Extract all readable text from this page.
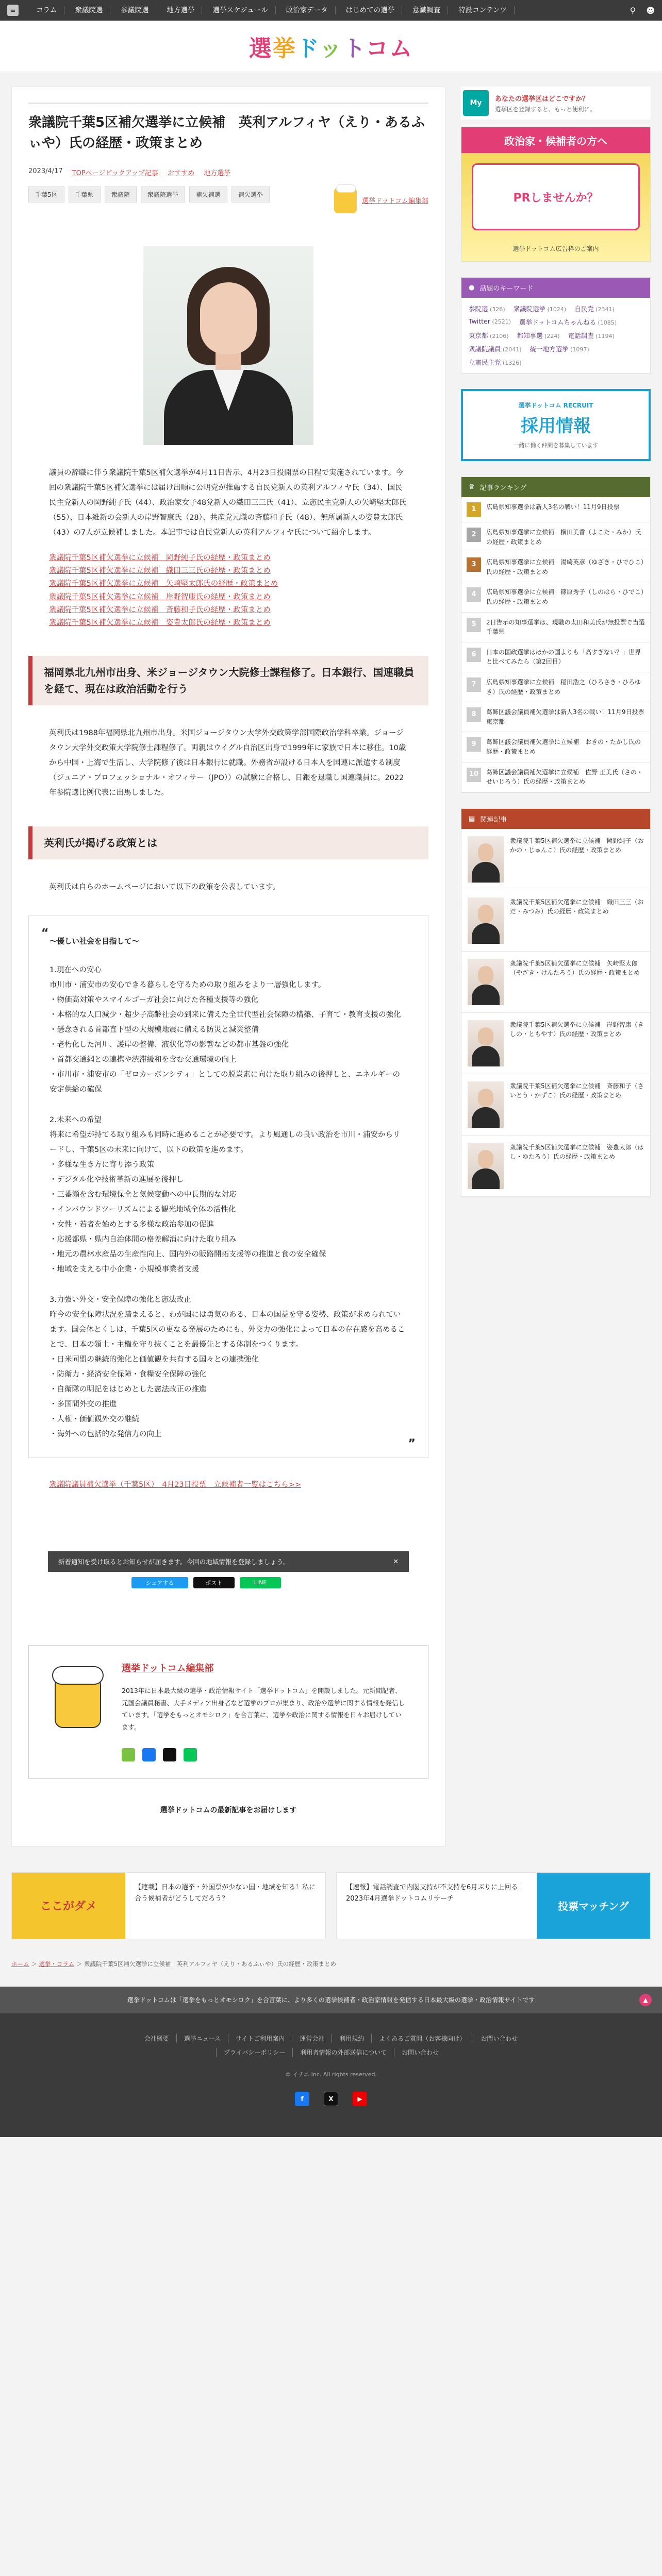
≡	コラム	衆議院選	参議院選	地方選挙	選挙スケジュール	政治家データ	はじめての選挙	意識調査	特設コンテンツ	⚲ ☻
選挙ドットコム
衆議院千葉5区補欠選挙に立候補　英利アルフィヤ（えり・あるふぃや）氏の経歴・政策まとめ
2023/4/17 TOPページピックアップ記事 おすすめ 地方選挙
千葉5区	千葉県	衆議院	衆議院選挙	補欠補選	補欠選挙
選挙ドットコム編集部

議員の辞職に伴う衆議院千葉5区補欠選挙が4月11日告示、4月23日投開票の日程で実施されています。今回の衆議院千葉5区補欠選挙には届け出順に公明党が推薦する自民党新人の英利アルフィヤ氏（34）、国民民主党新人の岡野純子氏（44）、政治家女子48党新人の織田三三氏（41）、立憲民主党新人の矢崎堅太郎氏（55）、日本維新の会新人の岸野智康氏（28）、共産党元職の斉藤和子氏（48）、無所属新人の姿豊太郎氏（43）の7人が立候補しました。本記事では自民党新人の英利アルフィヤ氏について紹介します。

衆議院千葉5区補欠選挙に立候補　岡野純子氏の経歴・政策まとめ
衆議院千葉5区補欠選挙に立候補　織田三三氏の経歴・政策まとめ
衆議院千葉5区補欠選挙に立候補　矢崎堅太郎氏の経歴・政策まとめ
衆議院千葉5区補欠選挙に立候補　岸野智康氏の経歴・政策まとめ
衆議院千葉5区補欠選挙に立候補　斉藤和子氏の経歴・政策まとめ
衆議院千葉5区補欠選挙に立候補　姿豊太郎氏の経歴・政策まとめ
福岡県北九州市出身、米ジョージタウン大院修士課程修了。日本銀行、国連職員を経て、現在は政治活動を行う

英利氏は1988年福岡県北九州市出身。米国ジョージタウン大学外交政策学部国際政治学科卒業。ジョージタウン大学外交政策大学院修士課程修了。両親はウイグル自治区出身で1999年に家族で日本に移住。10歳から中国・上海で生活し、大学院修了後は日本銀行に就職。外務省が設ける日本人を国連に派遣する制度（ジュニア・プロフェッショナル・オフィサー（JPO））の試験に合格し、日銀を退職し国連職員に。2022年参院選比例代表に出馬しました。

英利氏が掲げる政策とは

英利氏は自らのホームページにおいて以下の政策を公表しています。

“
～優しい社会を目指して～
1.現在への安心
市川市・浦安市の安心できる暮らしを守るための取り組みをより一層強化します。
・物価高対策やスマイルゴーガ社会に向けた各種支援等の強化
・本格的な人口減少・超少子高齢社会の到来に備えた全世代型社会保障の構築、子育て・教育支援の強化
・懸念される首都直下型の大規模地震に備える防災と減災整備
・老朽化した河川、護岸の整備、液状化等の影響などの都市基盤の強化
・首都交通網との連携や渋滞緩和を含む交通環境の向上
・市川市・浦安市の「ゼロカーボンシティ」としての脱炭素に向けた取り組みの後押しと、エネルギーの安定供給の確保
2.未来への希望
将来に希望が持てる取り組みも同時に進めることが必要です。より風通しの良い政治を市川・浦安からリードし、千葉5区の未来に向けて、以下の政策を進めます。
・多様な生き方に寄り添う政策
・デジタル化や技術革新の進展を後押し
・三番瀬を含む環境保全と気候変動への中長期的な対応
・インバウンドツーリズムによる観光地域全体の活性化
・女性・若者を始めとする多様な政治参加の促進
・応援都県・県内自治体間の格差解消に向けた取り組み
・地元の農林水産品の生産性向上、国内外の販路開拓支援等の推進と食の安全確保
・地域を支える中小企業・小規模事業者支援
3.力強い外交・安全保障の強化と憲法改正
昨今の安全保障状況を踏まえると、わが国には勇気のある、日本の国益を守る姿勢、政策が求められています。国会休とくしは、千葉5区の更なる発展のためにも、外交力の強化によって日本の存在感を高めることで、日本の領土・主権を守り抜くことを最優先とする体制をつくります。
・日米同盟の継続的強化と価値観を共有する国々との連携強化
・防衛力・経済安全保障・食糧安全保障の強化
・自衛隊の明記をはじめとした憲法改正の推進
・多国間外交の推進
・人権・価値観外交の継続
・海外への包括的な発信力の向上
”
衆議院議員補欠選挙（千葉5区）　4月23日投票　立候補者一覧はこちら>>
新着通知を受け取るとお知らせが届きます。今回の地域情報を登録しましょう。	✕
シェアする	ポスト	LINE
選挙ドットコム編集部

2013年に日本最大級の選挙・政治情報サイト「選挙ドットコム」を開設しました。元新聞記者、元国会議員秘書、大手メディア出身者など選挙のプロが集まり、政治や選挙に関する情報を発信しています。「選挙をもっとオモシロク」を合言葉に、選挙や政治に関する情報を日々お届けしています。

選挙ドットコムの最新記事をお届けします
My	あなたの選挙区はどこですか？
選挙区を登録すると、もっと便利に。
政治家・候補者の方へ
PRしませんか？
選挙ドットコム広告枠のご案内
● 話題のキーワード
参院選 (326) 衆議院選挙 (1024) 自民党 (2341)
Twitter (2521) 選挙ドットコムちゃんねる (1085)
東京都 (2106) 都知事選 (224) 電話調査 (1194)
衆議院議員 (2041) 統一地方選挙 (1097)
立憲民主党 (1326)
選挙ドットコム RECRUIT
採用情報
一緒に働く仲間を募集しています
♛ 記事ランキング
1	広島県知事選挙は新人3名の戦い！11月9日投票
2	広島県知事選挙に立候補　横田美香（よこた・みか）氏の経歴・政策まとめ
3	広島県知事選挙に立候補　湯崎英彦（ゆざき・ひでひこ）氏の経歴・政策まとめ
4	広島県知事選挙に立候補　篠原秀子（しのはら・ひでこ）氏の経歴・政策まとめ
5	2日告示の知事選挙は、現職の太田和美氏が無投票で当選　千葉県
6	日本の国政選挙はほかの国よりも「高すぎない？」世界と比べてみたら（第2回目）
7	広島県知事選挙に立候補　稲田浩之（ひろさき・ひろゆき）氏の経歴・政策まとめ
8	葛飾区議会議員補欠選挙は新人3名の戦い！11月9日投票　東京都
9	葛飾区議会議員補欠選挙に立候補　おきの・たかし氏の経歴・政策まとめ
10	葛飾区議会議員補欠選挙に立候補　佐野 正美氏（さの・せいじろう）氏の経歴・政策まとめ
▤ 関連記事
衆議院千葉5区補欠選挙に立候補　岡野純子（おかの・じゅんこ）氏の経歴・政策まとめ
衆議院千葉5区補欠選挙に立候補　織田三三（おだ・みつみ）氏の経歴・政策まとめ
衆議院千葉5区補欠選挙に立候補　矢崎堅太郎（やざき・けんたろう）氏の経歴・政策まとめ
衆議院千葉5区補欠選挙に立候補　岸野智康（きしの・ともやす）氏の経歴・政策まとめ
衆議院千葉5区補欠選挙に立候補　斉藤和子（さいとう・かずこ）氏の経歴・政策まとめ
衆議院千葉5区補欠選挙に立候補　姿豊太郎（はし・ゆたろう）氏の経歴・政策まとめ
ここがダメ
【連載】日本の選挙・外国票が少ない国・地域を知る！私に合う候補者がどうしてだろう？
【速報】電話調査で内閣支持が不支持を6月ぶりに上回る｜2023年4月選挙ドットコムリサーチ
投票マッチング
ホーム ＞ 選挙・コラム ＞ 衆議院千葉5区補欠選挙に立候補　英利アルフィヤ（えり・あるふぃや）氏の経歴・政策まとめ
選挙ドットコムは「選挙をもっとオモシロク」を合言葉に、より多くの選挙候補者・政治家情報を発信する日本最大級の選挙・政治情報サイトです	▲
会社概要	選挙ニュース	サイトご利用案内	運営会社	利用規約	よくあるご質問（お客様向け）	お問い合わせ
プライバシーポリシー	利用者情報の外部送信について	お問い合わせ
© イチニ Inc. All rights reserved.
f	X	▶
